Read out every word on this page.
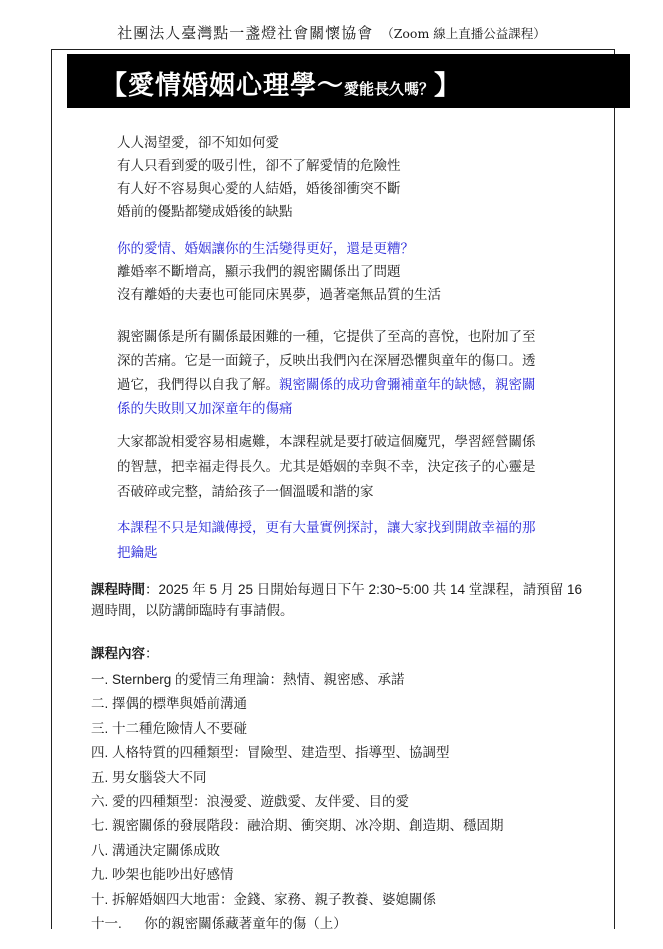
社團法人臺灣點一盞燈社會關懷協會 （Zoom 線上直播公益課程）
【愛情婚姻心理學～愛能長久嗎？】
人人渴望愛，卻不知如何愛
有人只看到愛的吸引性，卻不了解愛情的危險性
有人好不容易與心愛的人結婚，婚後卻衝突不斷
婚前的優點都變成婚後的缺點
你的愛情、婚姻讓你的生活變得更好，還是更糟？
離婚率不斷增高，顯示我們的親密關係出了問題
沒有離婚的夫妻也可能同床異夢，過著毫無品質的生活
親密關係是所有關係最困難的一種，它提供了至高的喜悅，也附加了至
深的苦痛。它是一面鏡子，反映出我們內在深層恐懼與童年的傷口。透
過它，我們得以自我了解。親密關係的成功會彌補童年的缺憾，親密關
係的失敗則又加深童年的傷痛
大家都說相愛容易相處難，本課程就是要打破這個魔咒，學習經營關係
的智慧，把幸福走得長久。尤其是婚姻的幸與不幸，決定孩子的心靈是
否破碎或完整，請給孩子一個溫暖和諧的家
本課程不只是知識傳授，更有大量實例探討，讓大家找到開啟幸福的那
把鑰匙
課程時間：2025 年 5 月 25 日開始每週日下午 2:30~5:00 共 14 堂課程，請預留 16
週時間，以防講師臨時有事請假。
課程內容：
一. Sternberg 的愛情三角理論：熱情、親密感、承諾
二. 擇偶的標準與婚前溝通
三. 十二種危險情人不要碰
四. 人格特質的四種類型：冒險型、建造型、指導型、協調型
五. 男女腦袋大不同
六. 愛的四種類型：浪漫愛、遊戲愛、友伴愛、目的愛
七. 親密關係的發展階段：融洽期、衝突期、冰冷期、創造期、穩固期
八. 溝通決定關係成敗
九. 吵架也能吵出好感情
十. 拆解婚姻四大地雷：金錢、家務、親子教養、婆媳關係
十一.      你的親密關係藏著童年的傷（上）
